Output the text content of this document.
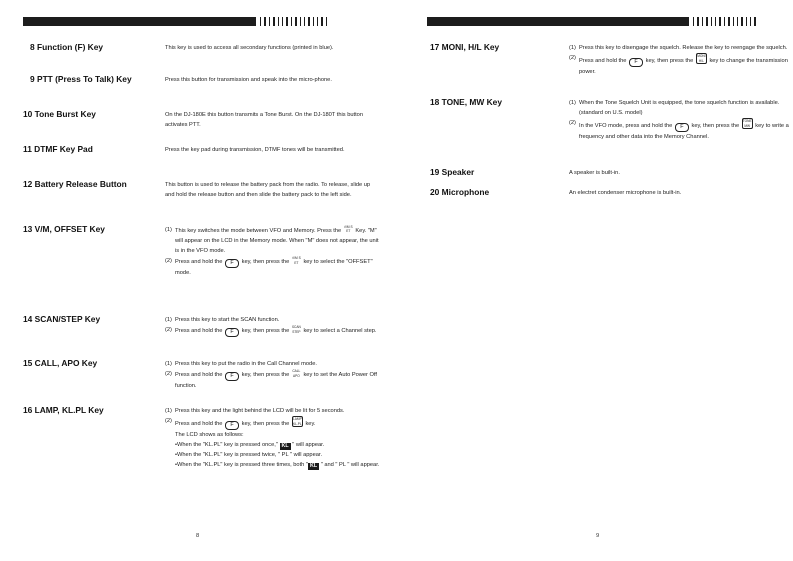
8 Function (F) Key	This key is used to access all secondary functions (printed in blue).
9 PTT (Press To Talk) Key	Press this button for transmission and speak into the micro-phone.
10 Tone Burst Key	On the DJ-180E this button transmits a Tone Burst. On the DJ-180T this button activates PTT.
11 DTMF Key Pad	Press the key pad during transmission, DTMF tones will be transmitted.
12 Battery Release Button	This button is used to release the battery pack from the radio. To release, slide up and hold the release button and then slide the battery pack to the left side.
13 V/M, OFFSET Key	(1) This key switches the mode between VFO and Memory. Press the V/M SET Key. "M" will appear on the LCD in the Memory mode. When "M" does not appear, the unit is in the VFO mode.
(2) Press and hold the F key, then press the V/M SET key to select the "OFFSET" mode.
14 SCAN/STEP Key	(1) Press this key to start the SCAN function.
(2) Press and hold the F key, then press the SCAN STEP key to select a Channel step.
15 CALL, APO Key	(1) Press this key to put the radio in the Call Channel mode.
(2) Press and hold the F key, then press the CALL APO key to set the Auto Power Off function.
16 LAMP, KL.PL Key	(1) Press this key and the light behind the LCD will be lit for 5 seconds.
(2) Press and hold the F key, then press the LAMP KL.PL key.
The LCD shows as follows:
•When the "KL.PL" key is pressed once," KL " will appear.
•When the "KL.PL" key is pressed twice, " PL " will appear.
•When the "KL.PL" key is pressed three times, both " KL " and " PL " will appear.
8
17 MONI, H/L Key	(1) Press this key to disengage the squelch. Release the key to reengage the squelch.
(2) Press and hold the F key, then press the MONI H/L key to change the transmission power.
18 TONE, MW Key	(1) When the Tone Squelch Unit is equipped, the tone squelch function is available. (standard on U.S. model)
(2) In the VFO mode, press and hold the F key, then press the TONE MW key to write a frequency and other data into the Memory Channel.
19 Speaker	A speaker is built-in.
20 Microphone	An electret condenser microphone is built-in.
9
